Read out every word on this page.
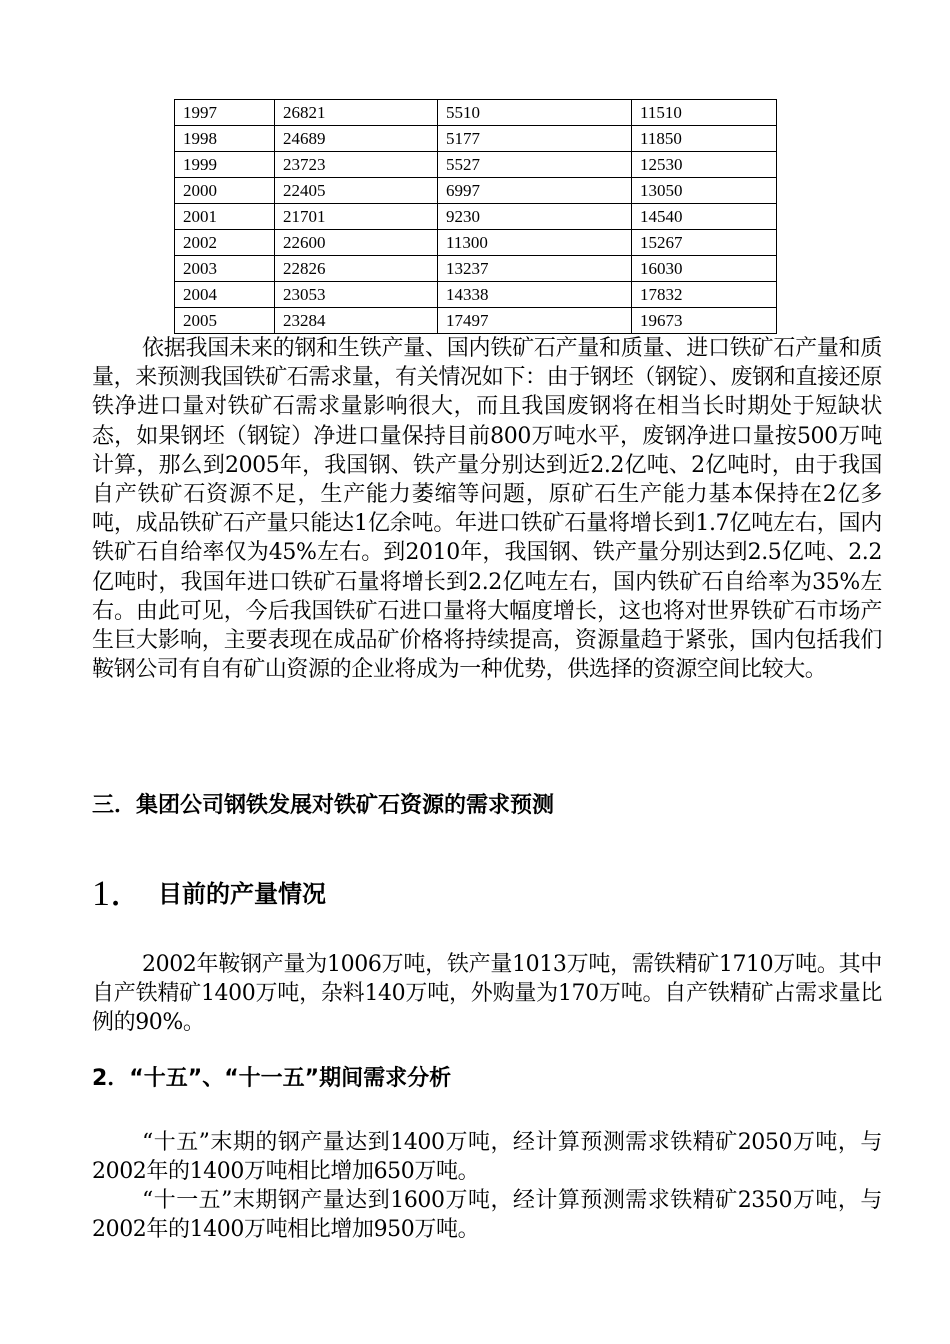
1997	26821	5510	11510
1998	24689	5177	11850
1999	23723	5527	12530
2000	22405	6997	13050
2001	21701	9230	14540
2002	22600	11300	15267
2003	22826	13237	16030
2004	23053	14338	17832
2005	23284	17497	19673

依据我国未来的钢和生铁产量、国内铁矿石产量和质量、进口铁矿石产量和质量，来预测我国铁矿石需求量，有关情况如下：由于钢坯（钢锭）、废钢和直接还原铁净进口量对铁矿石需求量影响很大，而且我国废钢将在相当长时期处于短缺状态，如果钢坯（钢锭）净进口量保持目前800万吨水平，废钢净进口量按500万吨计算，那么到2005年，我国钢、铁产量分别达到近2.2亿吨、2亿吨时，由于我国自产铁矿石资源不足，生产能力萎缩等问题，原矿石生产能力基本保持在2亿多吨，成品铁矿石产量只能达1亿余吨。年进口铁矿石量将增长到1.7亿吨左右，国内铁矿石自给率仅为45%左右。到2010年，我国钢、铁产量分别达到2.5亿吨、2.2亿吨时，我国年进口铁矿石量将增长到2.2亿吨左右，国内铁矿石自给率为35%左右。由此可见，今后我国铁矿石进口量将大幅度增长，这也将对世界铁矿石市场产生巨大影响，主要表现在成品矿价格将持续提高，资源量趋于紧张，国内包括我们鞍钢公司有自有矿山资源的企业将成为一种优势，供选择的资源空间比较大。

三．集团公司钢铁发展对铁矿石资源的需求预测
1． 目前的产量情况

2002年鞍钢产量为1006万吨，铁产量1013万吨，需铁精矿1710万吨。其中自产铁精矿1400万吨，杂料140万吨，外购量为170万吨。自产铁精矿占需求量比例的90%。

2．“十五”、“十一五”期间需求分析

“十五”末期的钢产量达到1400万吨，经计算预测需求铁精矿2050万吨，与2002年的1400万吨相比增加650万吨。

“十一五”末期钢产量达到1600万吨，经计算预测需求铁精矿2350万吨，与2002年的1400万吨相比增加950万吨。
